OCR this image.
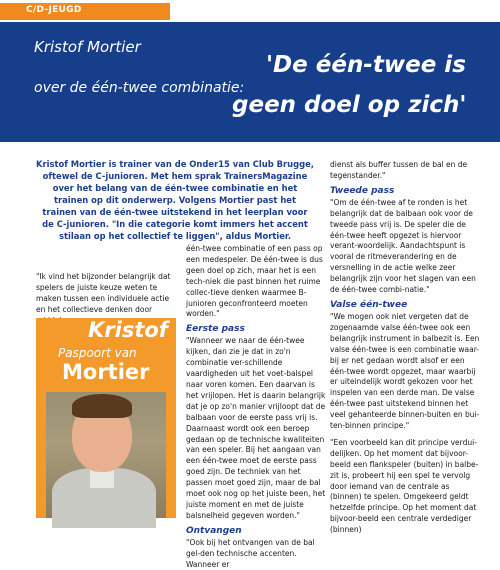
C/D-JEUGD
Kristof Mortier
over de één-twee combinatie:
'De één-twee is
geen doel op zich'
Kristof Mortier is trainer van de Onder15 van Club Brugge, oftewel de C-junioren. Met hem sprak TrainersMagazine over het belang van de één-twee combinatie en het trainen op dit onderwerp. Volgens Mortier past het trainen van de één-twee uitstekend in het leerplan voor de C-junioren. "In die categorie komt immers het accent stilaan op het collectief te liggen", aldus Mortier.

"Ik vind het bijzonder belangrijk dat spelers de juiste keuze weten te maken tussen een individuele actie en het collectieve denken door

Kristof
Paspoort van
Mortier

één-twee combinatie of een pass op een medespeler. De één-twee is dus geen doel op zich, maar het is een tech-niek die past binnen het ruime collec-tieve denken waarmee B-junioren geconfronteerd moeten worden."

Eerste pass

"Wanneer we naar de één-twee kijken, dan zie je dat in zo'n combinatie ver-schillende vaardigheden uit het voet-balspel naar voren komen. Een daarvan is het vrijlopen. Het is daarin belangrijk dat je op zo'n manier vrijloopt dat de balbaan voor de eerste pass vrij is. Daarnaast wordt ook een beroep gedaan op de technische kwaliteiten van een speler. Bij het aangaan van een één-twee moet de eerste pass goed zijn. De techniek van het passen moet goed zijn, maar de bal moet ook nog op het juiste been, het juiste moment en met de juiste balsnelheid gegeven worden."

Ontvangen

"Ook bij het ontvangen van de bal gel-den technische accenten. Wanneer er

dienst als buffer tussen de bal en de tegenstander."

Tweede pass

"Om de één-twee af te ronden is het belangrijk dat de balbaan ook voor de tweede pass vrij is. De speler die de één-twee heeft opgezet is hiervoor verant-woordelijk. Aandachtspunt is vooral de ritmeverandering en de versnelling in de actie welke zeer belangrijk zijn voor het slagen van een de één-twee combi-natie."

Valse één-twee

"We mogen ook niet vergeten dat de zogenaamde valse één-twee ook een belangrijk instrument in balbezit is. Een valse één-twee is een combinatie waar-bij er net gedaan wordt alsof er een één-twee wordt opgezet, maar waarbij er uiteindelijk wordt gekozen voor het inspelen van een derde man. De valse één-twee past uitstekend binnen het veel gehanteerde binnen-buiten en bui-ten-binnen principe."

"Een voorbeeld kan dit principe verdui-delijken. Op het moment dat bijvoor-beeld een flankspeler (buiten) in balbe-zit is, probeert hij een spel te vervolg door iemand van de centrale as (binnen) te spelen. Omgekeerd geldt hetzelfde principe. Op het moment dat bijvoor-beeld een centrale verdediger (binnen)
